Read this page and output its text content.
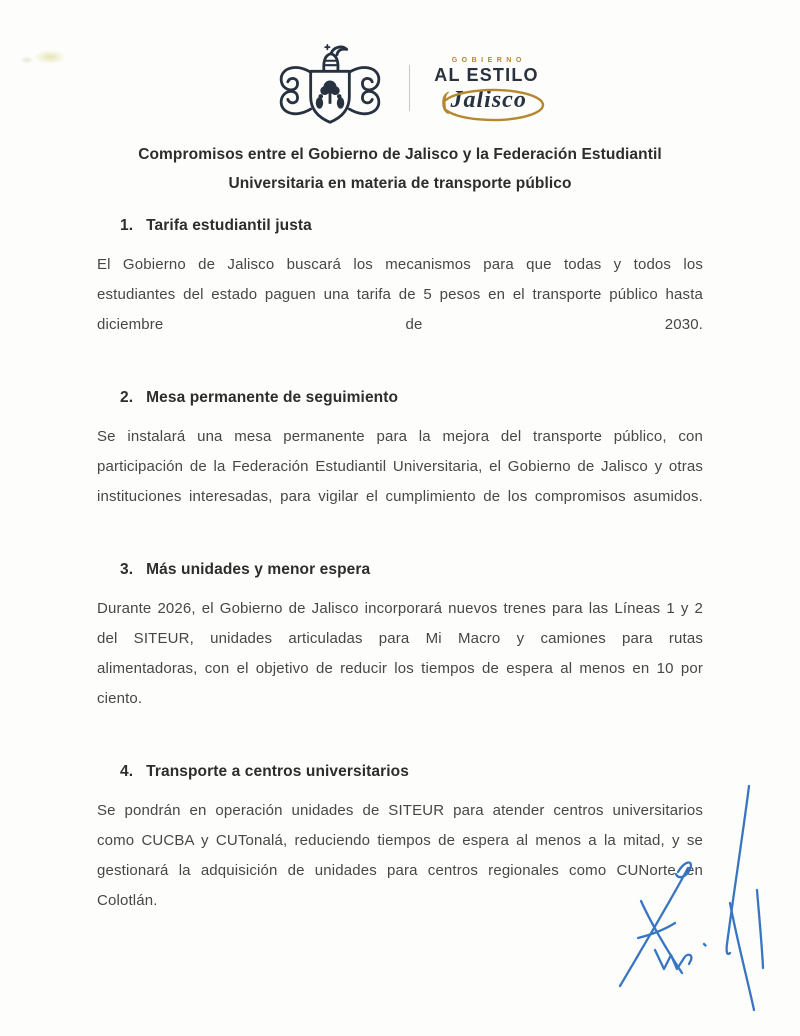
GOBIERNO
AL ESTILO
(Jalisco
Compromisos entre el Gobierno de Jalisco y la Federación Estudiantil
Universitaria en materia de transporte público
1. Tarifa estudiantil justa

El Gobierno de Jalisco buscará los mecanismos para que todas y todos los estudiantes del estado paguen una tarifa de 5 pesos en el transporte público hasta diciembre de 2030.

2. Mesa permanente de seguimiento

Se instalará una mesa permanente para la mejora del transporte público, con participación de la Federación Estudiantil Universitaria, el Gobierno de Jalisco y otras instituciones interesadas, para vigilar el cumplimiento de los compromisos asumidos.

3. Más unidades y menor espera

Durante 2026, el Gobierno de Jalisco incorporará nuevos trenes para las Líneas 1 y 2 del SITEUR, unidades articuladas para Mi Macro y camiones para rutas alimentadoras, con el objetivo de reducir los tiempos de espera al menos en 10 por ciento.

4. Transporte a centros universitarios

Se pondrán en operación unidades de SITEUR para atender centros universitarios como CUCBA y CUTonalá, reduciendo tiempos de espera al menos a la mitad, y se gestionará la adquisición de unidades para centros regionales como CUNorte en Colotlán.
